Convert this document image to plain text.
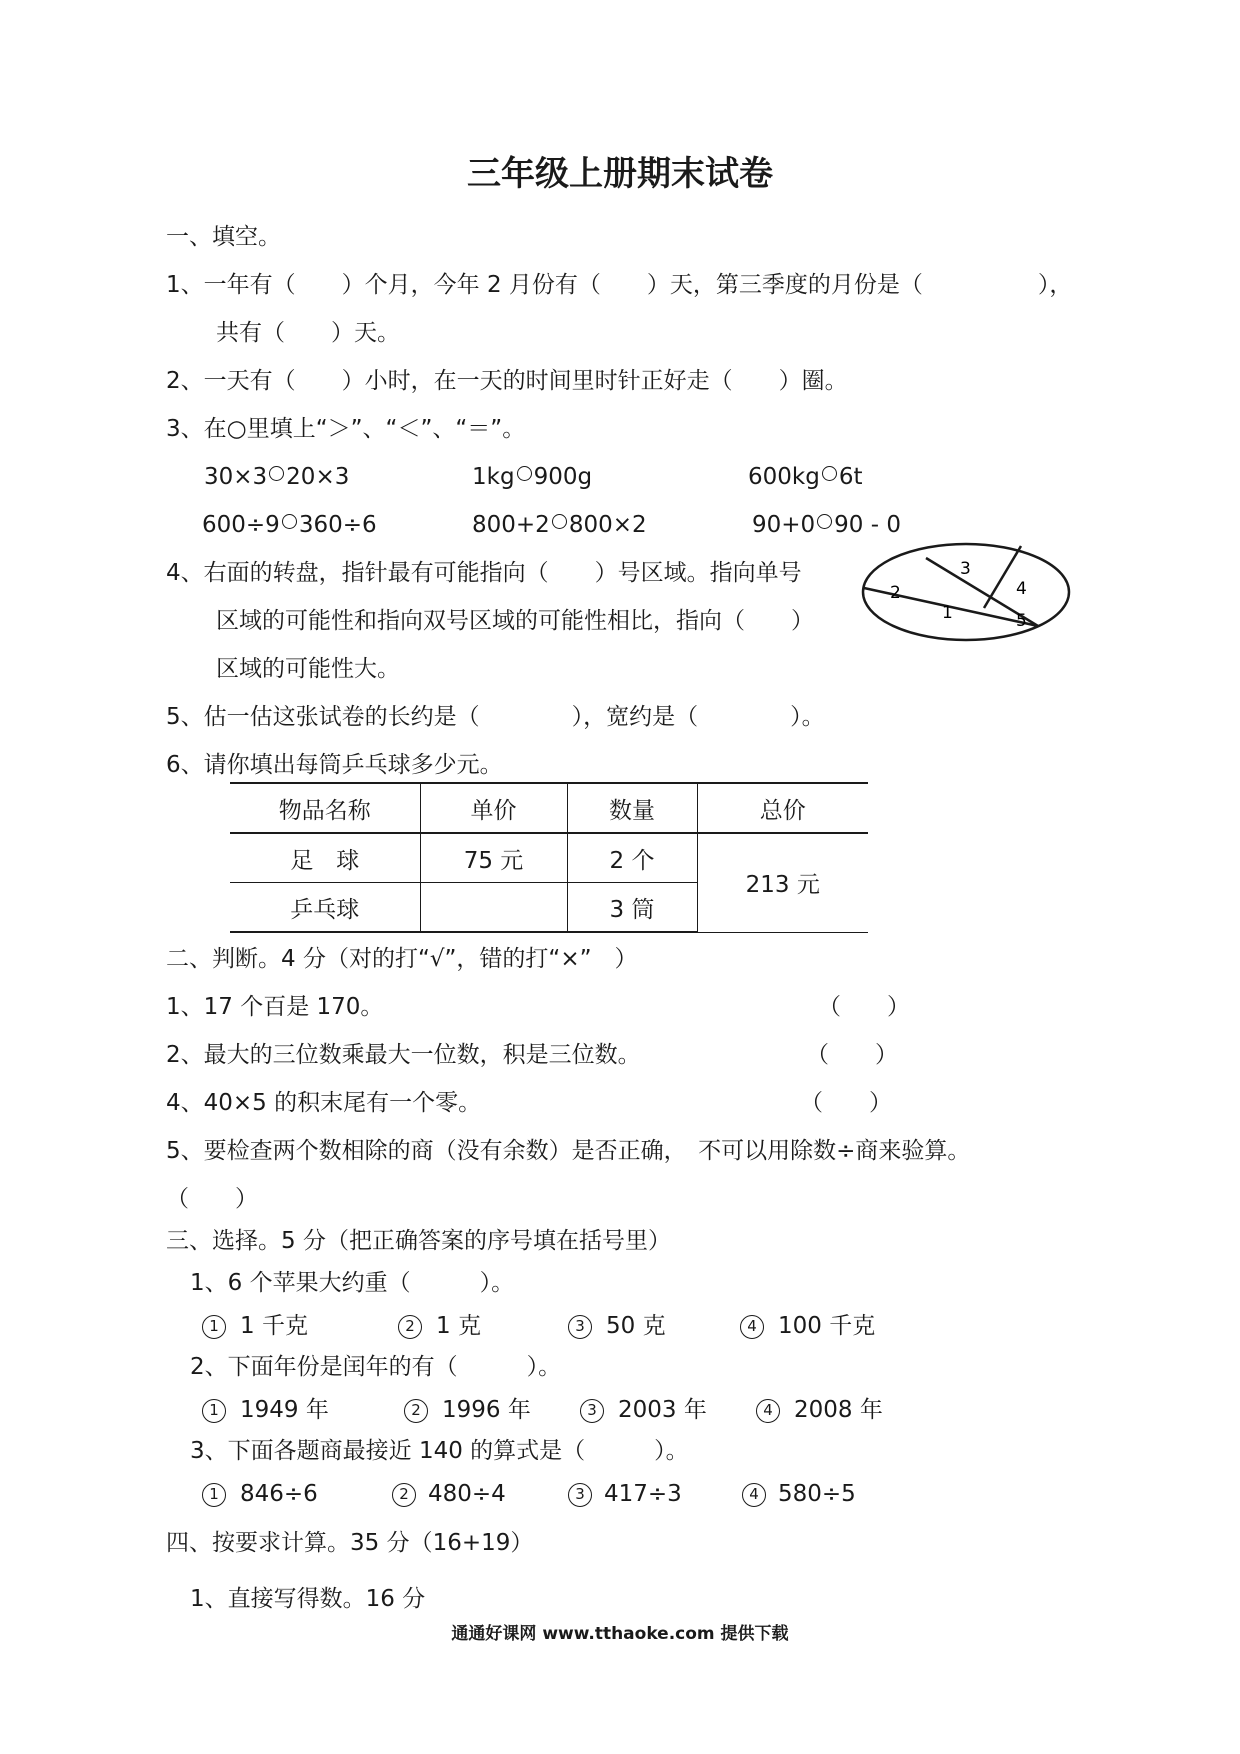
三年级上册期末试卷
一、填空。
1、一年有（　　）个月，今年 2 月份有（　　）天，第三季度的月份是（　　　　　），
共有（　　）天。
2、一天有（　　）小时，在一天的时间里时针正好走（　　）圈。
3、在○里填上“＞”、“＜”、“＝”。
30×3 20×3	1kg 900g	600kg 6t
600÷9 360÷6	800+2 800×2	90+0 90 - 0
4、右面的转盘，指针最有可能指向（　　）号区域。指向单号
区域的可能性和指向双号区域的可能性相比，指向（　　）
区域的可能性大。
3
4
2
1	5
5、估一估这张试卷的长约是（　　　　），宽约是（　　　　）。
6、请你填出每筒乒乓球多少元。
物品名称	单价	数量	总价
足　球	75 元	2 个	213 元
乒乓球		3 筒	
二、判断。4 分（对的打“√”，错的打“×”　）
1、17 个百是 170。	（　　）
2、最大的三位数乘最大一位数，积是三位数。	（　　）
4、40×5 的积末尾有一个零。	（　　）
5、要检查两个数相除的商（没有余数）是否正确，　不可以用除数÷商来验算。
（　　）
三、选择。5 分（把正确答案的序号填在括号里）
1、6 个苹果大约重（　　　）。
1 1 千克	2 1 克	3 50 克	4 100 千克
2、下面年份是闰年的有（　　　）。
1 1949 年	2 1996 年	3 2003 年	4 2008 年
3、下面各题商最接近 140 的算式是（　　　）。
1 846÷6	2 480÷4	3 417÷3	4 580÷5
四、按要求计算。35 分（16+19）
1、直接写得数。16 分
通通好课网 www.tthaoke.com 提供下载
